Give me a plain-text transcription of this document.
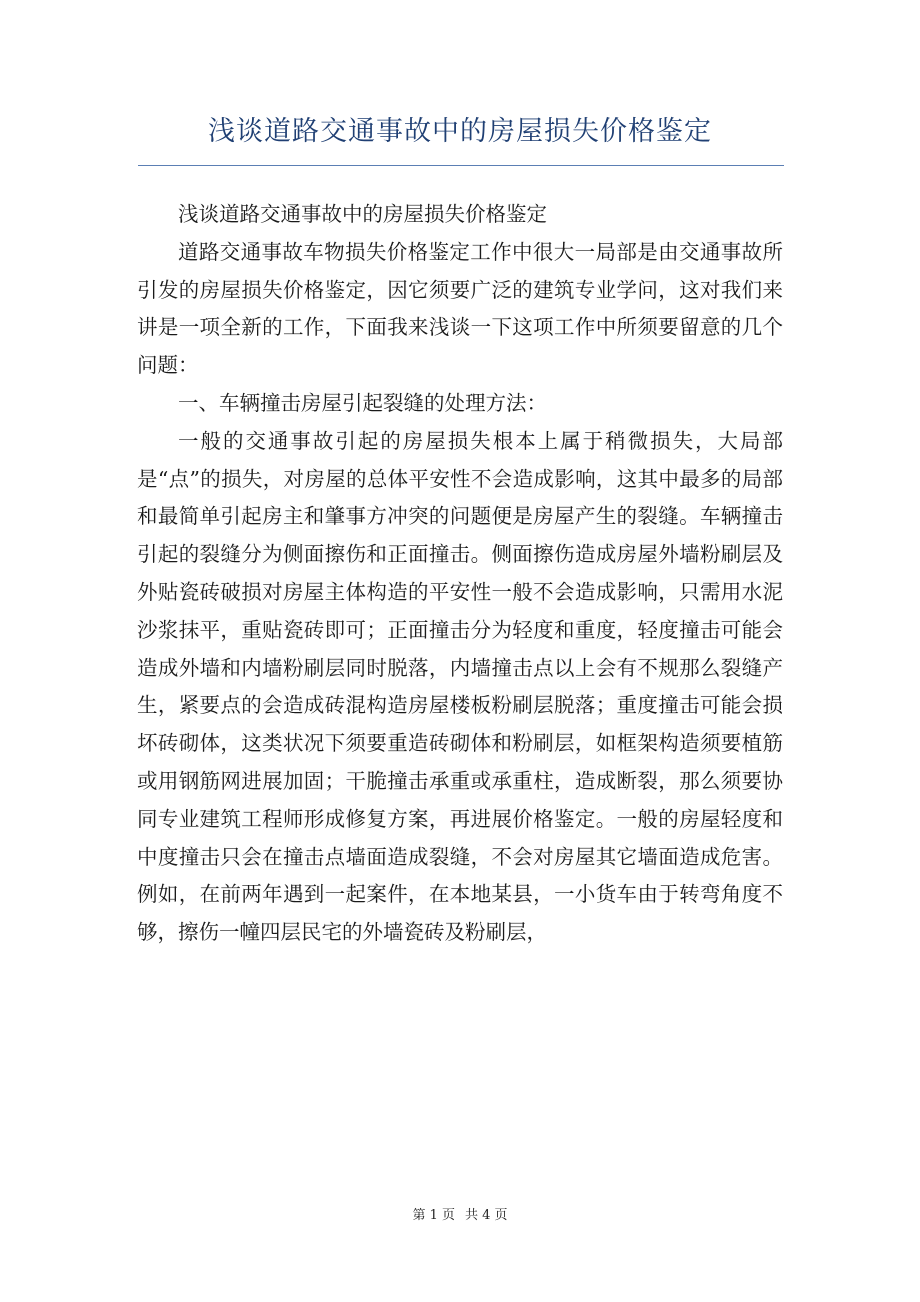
浅谈道路交通事故中的房屋损失价格鉴定

浅谈道路交通事故中的房屋损失价格鉴定

道路交通事故车物损失价格鉴定工作中很大一局部是由交通事故所引发的房屋损失价格鉴定，因它须要广泛的建筑专业学问，这对我们来讲是一项全新的工作，下面我来浅谈一下这项工作中所须要留意的几个问题：

一、车辆撞击房屋引起裂缝的处理方法：

一般的交通事故引起的房屋损失根本上属于稍微损失，大局部是“点”的损失，对房屋的总体平安性不会造成影响，这其中最多的局部和最简单引起房主和肇事方冲突的问题便是房屋产生的裂缝。车辆撞击引起的裂缝分为侧面擦伤和正面撞击。侧面擦伤造成房屋外墙粉刷层及外贴瓷砖破损对房屋主体构造的平安性一般不会造成影响，只需用水泥沙浆抹平，重贴瓷砖即可；正面撞击分为轻度和重度，轻度撞击可能会造成外墙和内墙粉刷层同时脱落，内墙撞击点以上会有不规那么裂缝产生，紧要点的会造成砖混构造房屋楼板粉刷层脱落；重度撞击可能会损坏砖砌体，这类状况下须要重造砖砌体和粉刷层，如框架构造须要植筋或用钢筋网进展加固；干脆撞击承重或承重柱，造成断裂，那么须要协同专业建筑工程师形成修复方案，再进展价格鉴定。一般的房屋轻度和中度撞击只会在撞击点墙面造成裂缝，不会对房屋其它墙面造成危害。例如，在前两年遇到一起案件，在本地某县，一小货车由于转弯角度不够，擦伤一幢四层民宅的外墙瓷砖及粉刷层，

第 1 页 共 4 页
